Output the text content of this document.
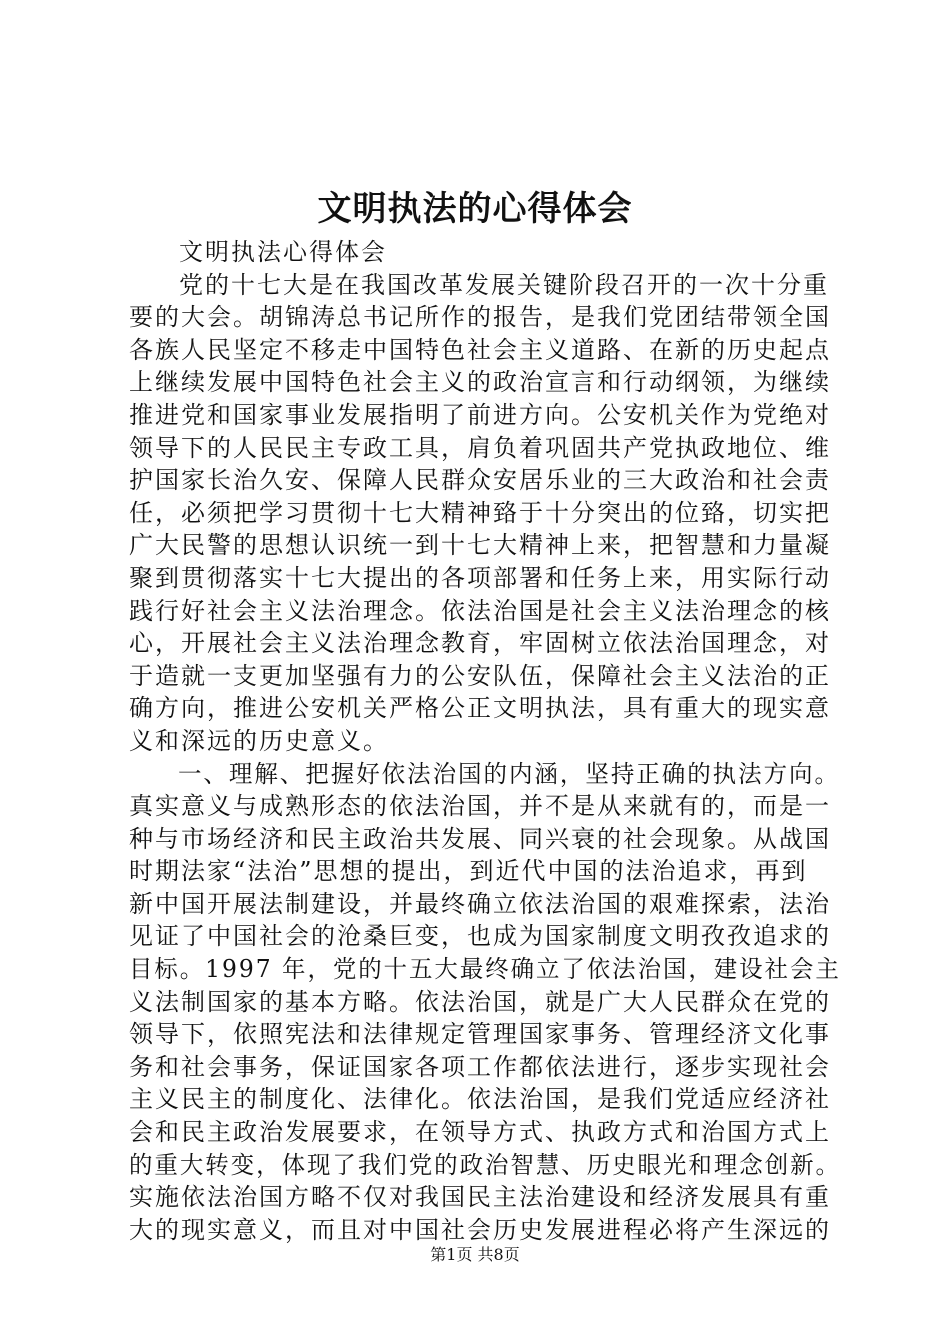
文明执法的心得体会
文明执法心得体会
党的十七大是在我国改革发展关键阶段召开的一次十分重
要的大会。胡锦涛总书记所作的报告，是我们党团结带领全国
各族人民坚定不移走中国特色社会主义道路、在新的历史起点
上继续发展中国特色社会主义的政治宣言和行动纲领，为继续
推进党和国家事业发展指明了前进方向。公安机关作为党绝对
领导下的人民民主专政工具，肩负着巩固共产党执政地位、维
护国家长治久安、保障人民群众安居乐业的三大政治和社会责
任，必须把学习贯彻十七大精神臵于十分突出的位臵，切实把
广大民警的思想认识统一到十七大精神上来，把智慧和力量凝
聚到贯彻落实十七大提出的各项部署和任务上来，用实际行动
践行好社会主义法治理念。依法治国是社会主义法治理念的核
心，开展社会主义法治理念教育，牢固树立依法治国理念，对
于造就一支更加坚强有力的公安队伍，保障社会主义法治的正
确方向，推进公安机关严格公正文明执法，具有重大的现实意
义和深远的历史意义。
一、理解、把握好依法治国的内涵，坚持正确的执法方向。
真实意义与成熟形态的依法治国，并不是从来就有的，而是一
种与市场经济和民主政治共发展、同兴衰的社会现象。从战国
时期法家“法治”思想的提出，到近代中国的法治追求，再到
新中国开展法制建设，并最终确立依法治国的艰难探索，法治
见证了中国社会的沧桑巨变，也成为国家制度文明孜孜追求的
目标。1997 年，党的十五大最终确立了依法治国，建设社会主
义法制国家的基本方略。依法治国，就是广大人民群众在党的
领导下，依照宪法和法律规定管理国家事务、管理经济文化事
务和社会事务，保证国家各项工作都依法进行，逐步实现社会
主义民主的制度化、法律化。依法治国，是我们党适应经济社
会和民主政治发展要求，在领导方式、执政方式和治国方式上
的重大转变，体现了我们党的政治智慧、历史眼光和理念创新。
实施依法治国方略不仅对我国民主法治建设和经济发展具有重
大的现实意义，而且对中国社会历史发展进程必将产生深远的
第1页 共8页
